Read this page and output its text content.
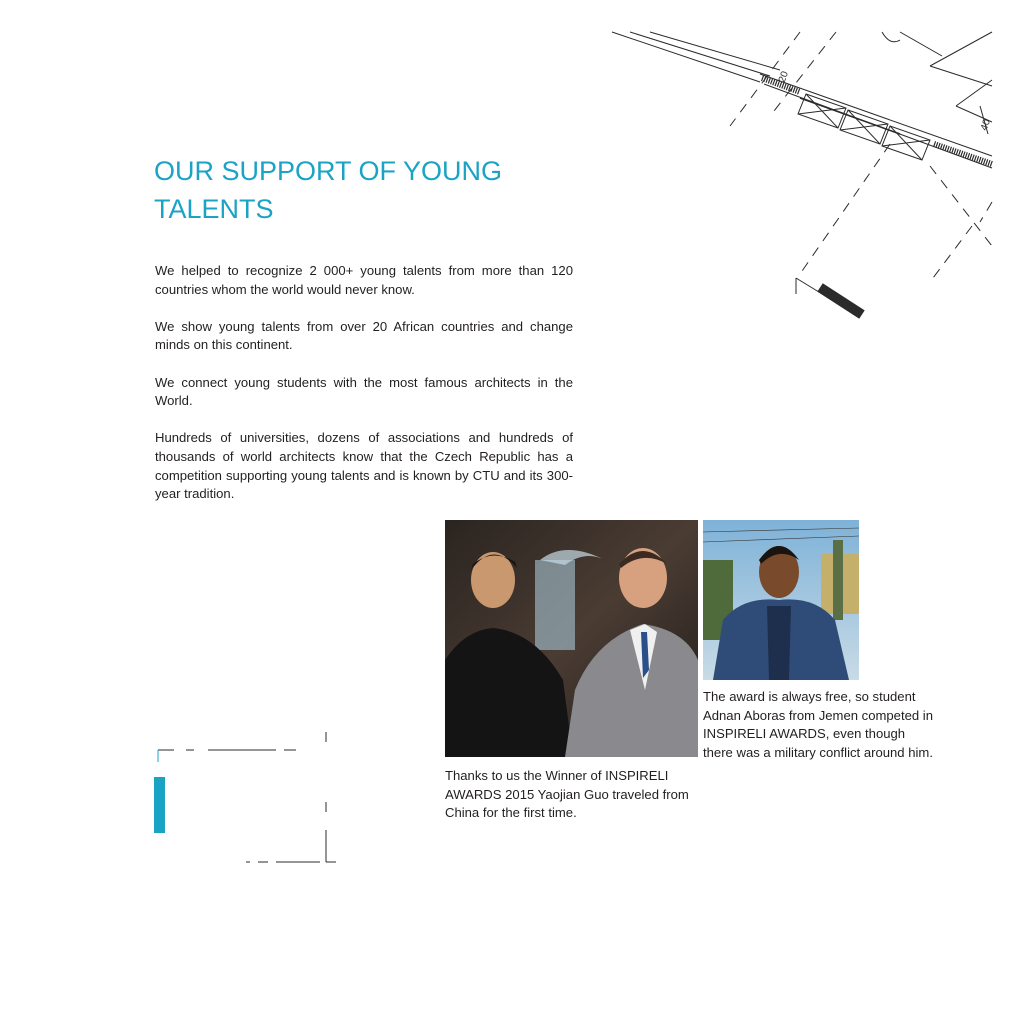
20
40
OUR SUPPORT OF YOUNG TALENTS

We helped to recognize 2 000+ young talents from more than 120 countries whom the world would never know.

We show young talents from over 20 African countries and change minds on this continent.

We connect young students with the most famous architects in the World.

Hundreds of universities, dozens of associations and hundreds of thousands of world architects know that the Czech Republic has a competition supporting young talents and is known by CTU and its 300-year tradition.

Thanks to us the Winner of INSPIRELI AWARDS 2015 Yaojian Guo traveled from China for the first time.

The award is always free, so student Adnan Aboras from Jemen competed in INSPIRELI AWARDS, even though there was a military conflict around him.
